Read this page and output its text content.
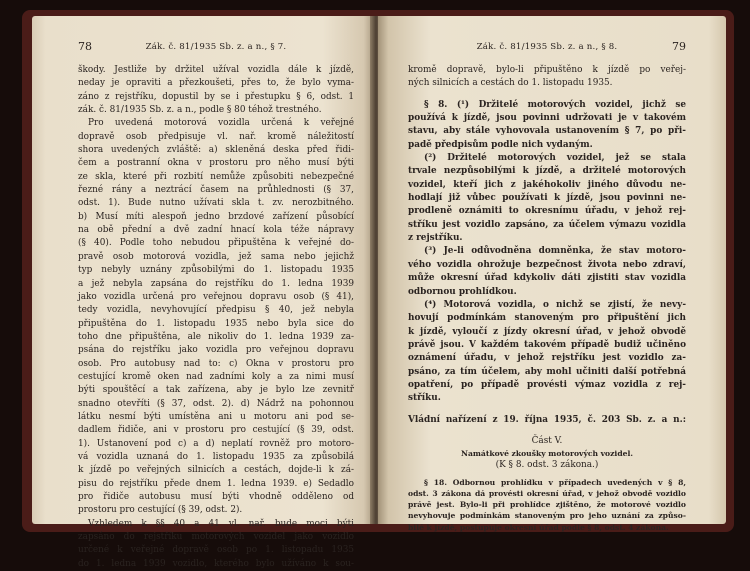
78	Zák. č. 81/1935 Sb. z. a n., § 7.
škody. Jestliže by držitel užíval vozidla dále k jízdě,
neday je opraviti a přezkoušeti, přes to, že bylo vyma-
záno z rejstříku, dopustil by se i přestupku § 6, odst. 1
zák. č. 81/1935 Sb. z. a n., podle § 80 téhož trestného.
Pro uvedená motorová vozidla určená k veřejné
dopravě osob předpisuje vl. nař. kromě náležitostí
shora uvedených zvláště: a) skleněná deska před řidi-
čem a postranní okna v prostoru pro něho musí býti
ze skla, které při rozbití nemůže způsobiti nebezpečné
řezné rány a neztrácí časem na průhlednosti (§ 37,
odst. 1). Bude nutno užívati skla t. zv. nerozbitného.
b) Musí míti alespoň jedno brzdové zařízení působící
na obě přední a dvě zadní hnací kola téže nápravy
(§ 40). Podle toho nebudou připuštěna k veřejné do-
pravě osob motorová vozidla, jež sama nebo jejichž
typ nebyly uznány způsobilými do 1. listopadu 1935
a jež nebyla zapsána do rejstříku do 1. ledna 1939
jako vozidla určená pro veřejnou dopravu osob (§ 41),
tedy vozidla, nevyhovující předpisu § 40, jež nebyla
připuštěna do 1. listopadu 1935 nebo byla sice do
toho dne připuštěna, ale nikoliv do 1. ledna 1939 za-
psána do rejstříku jako vozidla pro veřejnou dopravu
osob. Pro autobusy nad to: c) Okna v prostoru pro
cestující kromě oken nad zadními koly a za nimi musí
býti spouštěcí a tak zařízena, aby je bylo lze zevnitř
snadno otevříti (§ 37, odst. 2). d) Nádrž na pohonnou
látku nesmí býti umístěna ani u motoru ani pod se-
dadlem řidiče, ani v prostoru pro cestující (§ 39, odst.
1). Ustanovení pod c) a d) neplatí rovněž pro motoro-
vá vozidla uznaná do 1. listopadu 1935 za způsobilá
k jízdě po veřejných silnicích a cestách, dojde-li k zá-
pisu do rejstříku přede dnem 1. ledna 1939. e) Sedadlo
pro řidiče autobusu musí býti vhodně odděleno od
prostoru pro cestující (§ 39, odst. 2).
Vzhledem k §§ 40 a 41 vl. nař. bude moci býti
zapsáno do rejstříku motorových vozidel jako vozidlo
určené k veřejné dopravě osob po 1. listopadu 1935
do 1. ledna 1939 vozidlo, kterého bylo užíváno k sou-
Zák. č. 81/1935 Sb. z. a n., § 8.	79
kromě dopravě, bylo-li připuštěno k jízdě po veřej-
ných silnicích a cestách do 1. listopadu 1935.
§ 8. (¹) Držitelé motorových vozidel, jichž se
používá k jízdě, jsou povinni udržovati je v takovém
stavu, aby stále vyhovovala ustanovením § 7, po při-
padě předpisům podle nich vydaným.
(²) Držitelé motorových vozidel, jež se stala
trvale nezpůsobilými k jízdě, a držitelé motorových
vozidel, kteří jich z jakéhokoliv jiného důvodu ne-
hodlají již vůbec používati k jízdě, jsou povinni ne-
prodleně oznámiti to okresnímu úřadu, v jehož rej-
stříku jest vozidlo zapsáno, za účelem výmazu vozidla
z rejstříku.
(³) Je-li odůvodněna domněnka, že stav motoro-
vého vozidla ohrožuje bezpečnost života nebo zdraví,
může okresní úřad kdykoliv dáti zjistiti stav vozidla
odbornou prohlídkou.
(⁴) Motorová vozidla, o nichž se zjistí, že nevy-
hovují podmínkám stanoveným pro připuštění jich
k jízdě, vyloučí z jízdy okresní úřad, v jehož obvodě
právě jsou. V každém takovém případě budiž učiněno
oznámení úřadu, v jehož rejstříku jest vozidlo za-
psáno, za tím účelem, aby mohl učiniti další potřebná
opatření, po případě provésti výmaz vozidla z rej-
stříku.
Vládní nařízení z 19. října 1935, č. 203 Sb. z. a n.:
Část V.
Namátkové zkoušky motorových vozidel.
(K § 8. odst. 3 zákona.)
§ 18. Odbornou prohlídku v případech uvedených v § 8,
odst. 3 zákona dá provésti okresní úřad, v jehož obvodě vozidlo
právě jest. Bylo-li při prohlídce zjištěno, že motorové vozidlo
nevyhovuje podmínkám stanoveným pro jeho uznání za způso-
bilé k jízdě, postupuje okresní úřad podle § 8, odst. 4 zákona.
